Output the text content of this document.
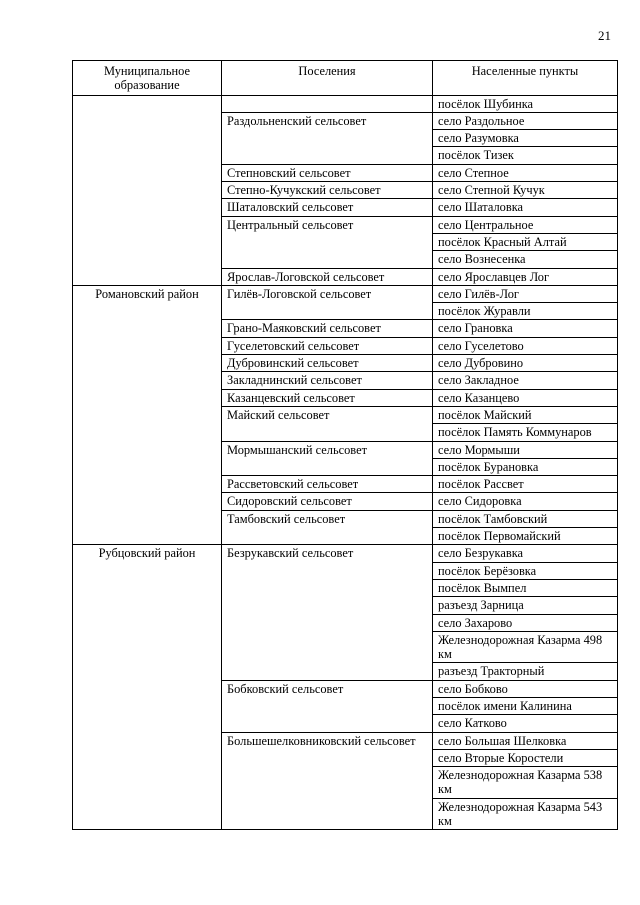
21
Муниципальное образование	Поселения	Населенные пункты
		посёлок Шубинка
	Раздольненский сельсовет	село Раздольное
		село Разумовка
		посёлок Тизек
	Степновский сельсовет	село Степное
	Степно-Кучукский сельсовет	село Степной Кучук
	Шаталовский сельсовет	село Шаталовка
	Центральный сельсовет	село Центральное
		посёлок Красный Алтай
		село Вознесенка
	Ярослав-Логовской сельсовет	село Ярославцев Лог
Романовский район	Гилёв-Логовской сельсовет	село Гилёв-Лог
		посёлок Журавли
	Грано-Маяковский сельсовет	село Грановка
	Гуселетовский сельсовет	село Гуселетово
	Дубровинский сельсовет	село Дубровино
	Закладнинский сельсовет	село Закладное
	Казанцевский сельсовет	село Казанцево
	Майский сельсовет	посёлок Майский
		посёлок Память Коммунаров
	Мормышанский сельсовет	село Мормыши
		посёлок Бурановка
	Рассветовский сельсовет	посёлок Рассвет
	Сидоровский сельсовет	село Сидоровка
	Тамбовский сельсовет	посёлок Тамбовский
		посёлок Первомайский
Рубцовский район	Безрукавский сельсовет	село Безрукавка
		посёлок Берёзовка
		посёлок Вымпел
		разъезд Зарница
		село Захарово
		Железнодорожная Казарма 498 км
		разъезд Тракторный
	Бобковский сельсовет	село Бобково
		посёлок имени Калинина
		село Катково
	Большешелковниковский сельсовет	село Большая Шелковка
		село Вторые Коростели
		Железнодорожная Казарма 538 км
		Железнодорожная Казарма 543 км
